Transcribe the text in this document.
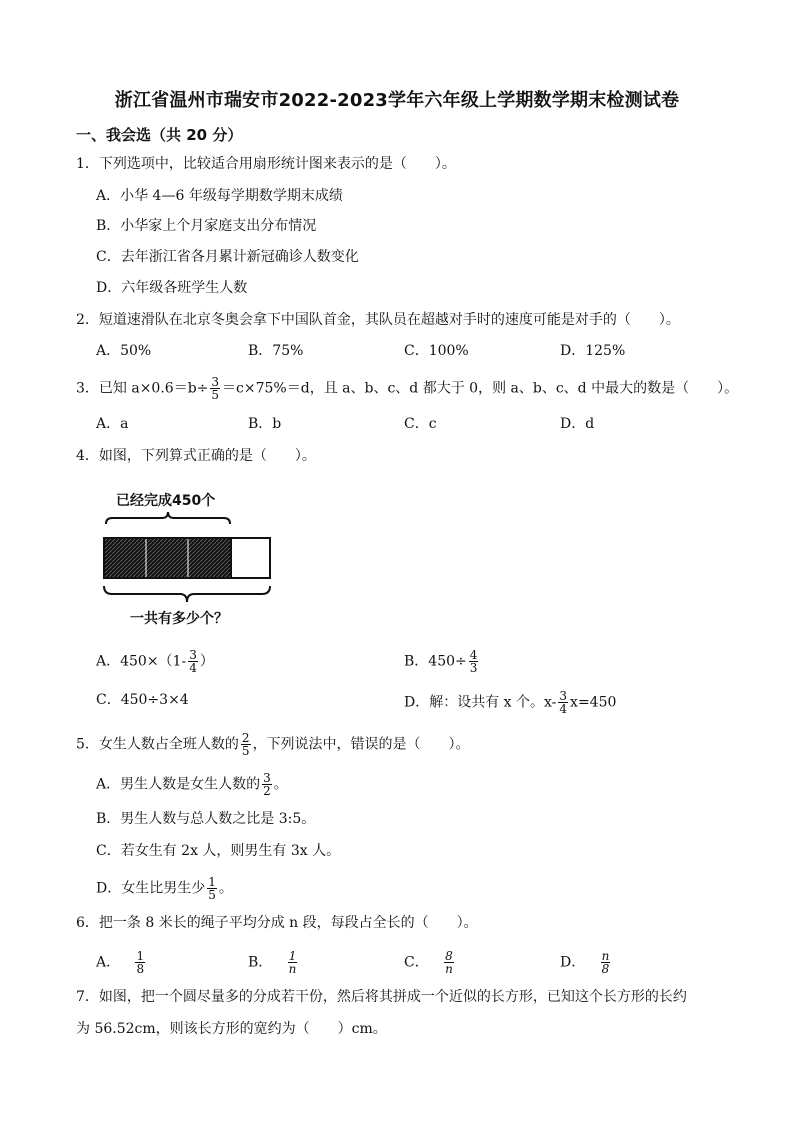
浙江省温州市瑞安市2022-2023学年六年级上学期数学期末检测试卷
一、我会选（共 20 分）
1．下列选项中，比较适合用扇形统计图来表示的是（　　）。
A．小华 4—6 年级每学期数学期末成绩
B．小华家上个月家庭支出分布情况
C．去年浙江省各月累计新冠确诊人数变化
D．六年级各班学生人数
2．短道速滑队在北京冬奥会拿下中国队首金，其队员在超越对手时的速度可能是对手的（　　）。
A．50%	B．75%	C．100%	D．125%
3．已知 $a\times 0.6=b\div \frac{3}{5} =c\times 75\%=d$，且 a、b、c、d 都大于 0，则 a、b、c、d 中最大的数是（　　）。
A．a	B．b	C．c	D．d
4．如图，下列算式正确的是（　　）。
已经完成450个
一共有多少个？
A．$450\times(1- \frac{3}{4}$ ）	B．$450\div \frac{4}{3}$
C．450÷3×4	D．解：设共有 x 个。$x- \frac{3}{4} x=450$
5．女生人数占全班人数的 $\frac{2}{5}$ ，下列说法中，错误的是（　　）。
A．男生人数是女生人数的 $\frac{3}{2}$ 。
B．男生人数与总人数之比是 3:5。
C．若女生有 2x 人，则男生有 3x 人。
D．女生比男生少 $\frac{1}{5}$ 。
6．把一条 8 米长的绳子平均分成 n 段，每段占全长的（　　）。
A． $\frac{1}{8}$	B． $\frac{1}{n}$	C． $\frac{8}{n}$	D． $\frac{n}{8}$
7．如图，把一个圆尽量多的分成若干份，然后将其拼成一个近似的长方形，已知这个长方形的长约
为 56.52cm，则该长方形的宽约为（　　）cm。
